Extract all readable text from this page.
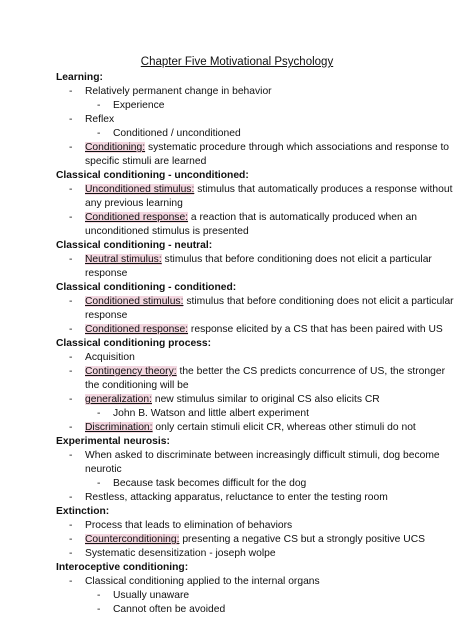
Chapter Five Motivational Psychology
Learning:
- Relatively permanent change in behavior
- Experience
- Reflex
- Conditioned / unconditioned
- Conditioning: systematic procedure through which associations and response to
specific stimuli are learned
Classical conditioning - unconditioned:
- Unconditioned stimulus: stimulus that automatically produces a response without
any previous learning
- Conditioned response: a reaction that is automatically produced when an
unconditioned stimulus is presented
Classical conditioning - neutral:
- Neutral stimulus: stimulus that before conditioning does not elicit a particular
response
Classical conditioning - conditioned:
- Conditioned stimulus: stimulus that before conditioning does not elicit a particular
response
- Conditioned response: response elicited by a CS that has been paired with US
Classical conditioning process:
- Acquisition
- Contingency theory: the better the CS predicts concurrence of US, the stronger
the conditioning will be
- generalization: new stimulus similar to original CS also elicits CR
- John B. Watson and little albert experiment
- Discrimination: only certain stimuli elicit CR, whereas other stimuli do not
Experimental neurosis:
- When asked to discriminate between increasingly difficult stimuli, dog become
neurotic
- Because task becomes difficult for the dog
- Restless, attacking apparatus, reluctance to enter the testing room
Extinction:
- Process that leads to elimination of behaviors
- Counterconditioning: presenting a negative CS but a strongly positive UCS
- Systematic desensitization - joseph wolpe
Interoceptive conditioning:
- Classical conditioning applied to the internal organs
- Usually unaware
- Cannot often be avoided
